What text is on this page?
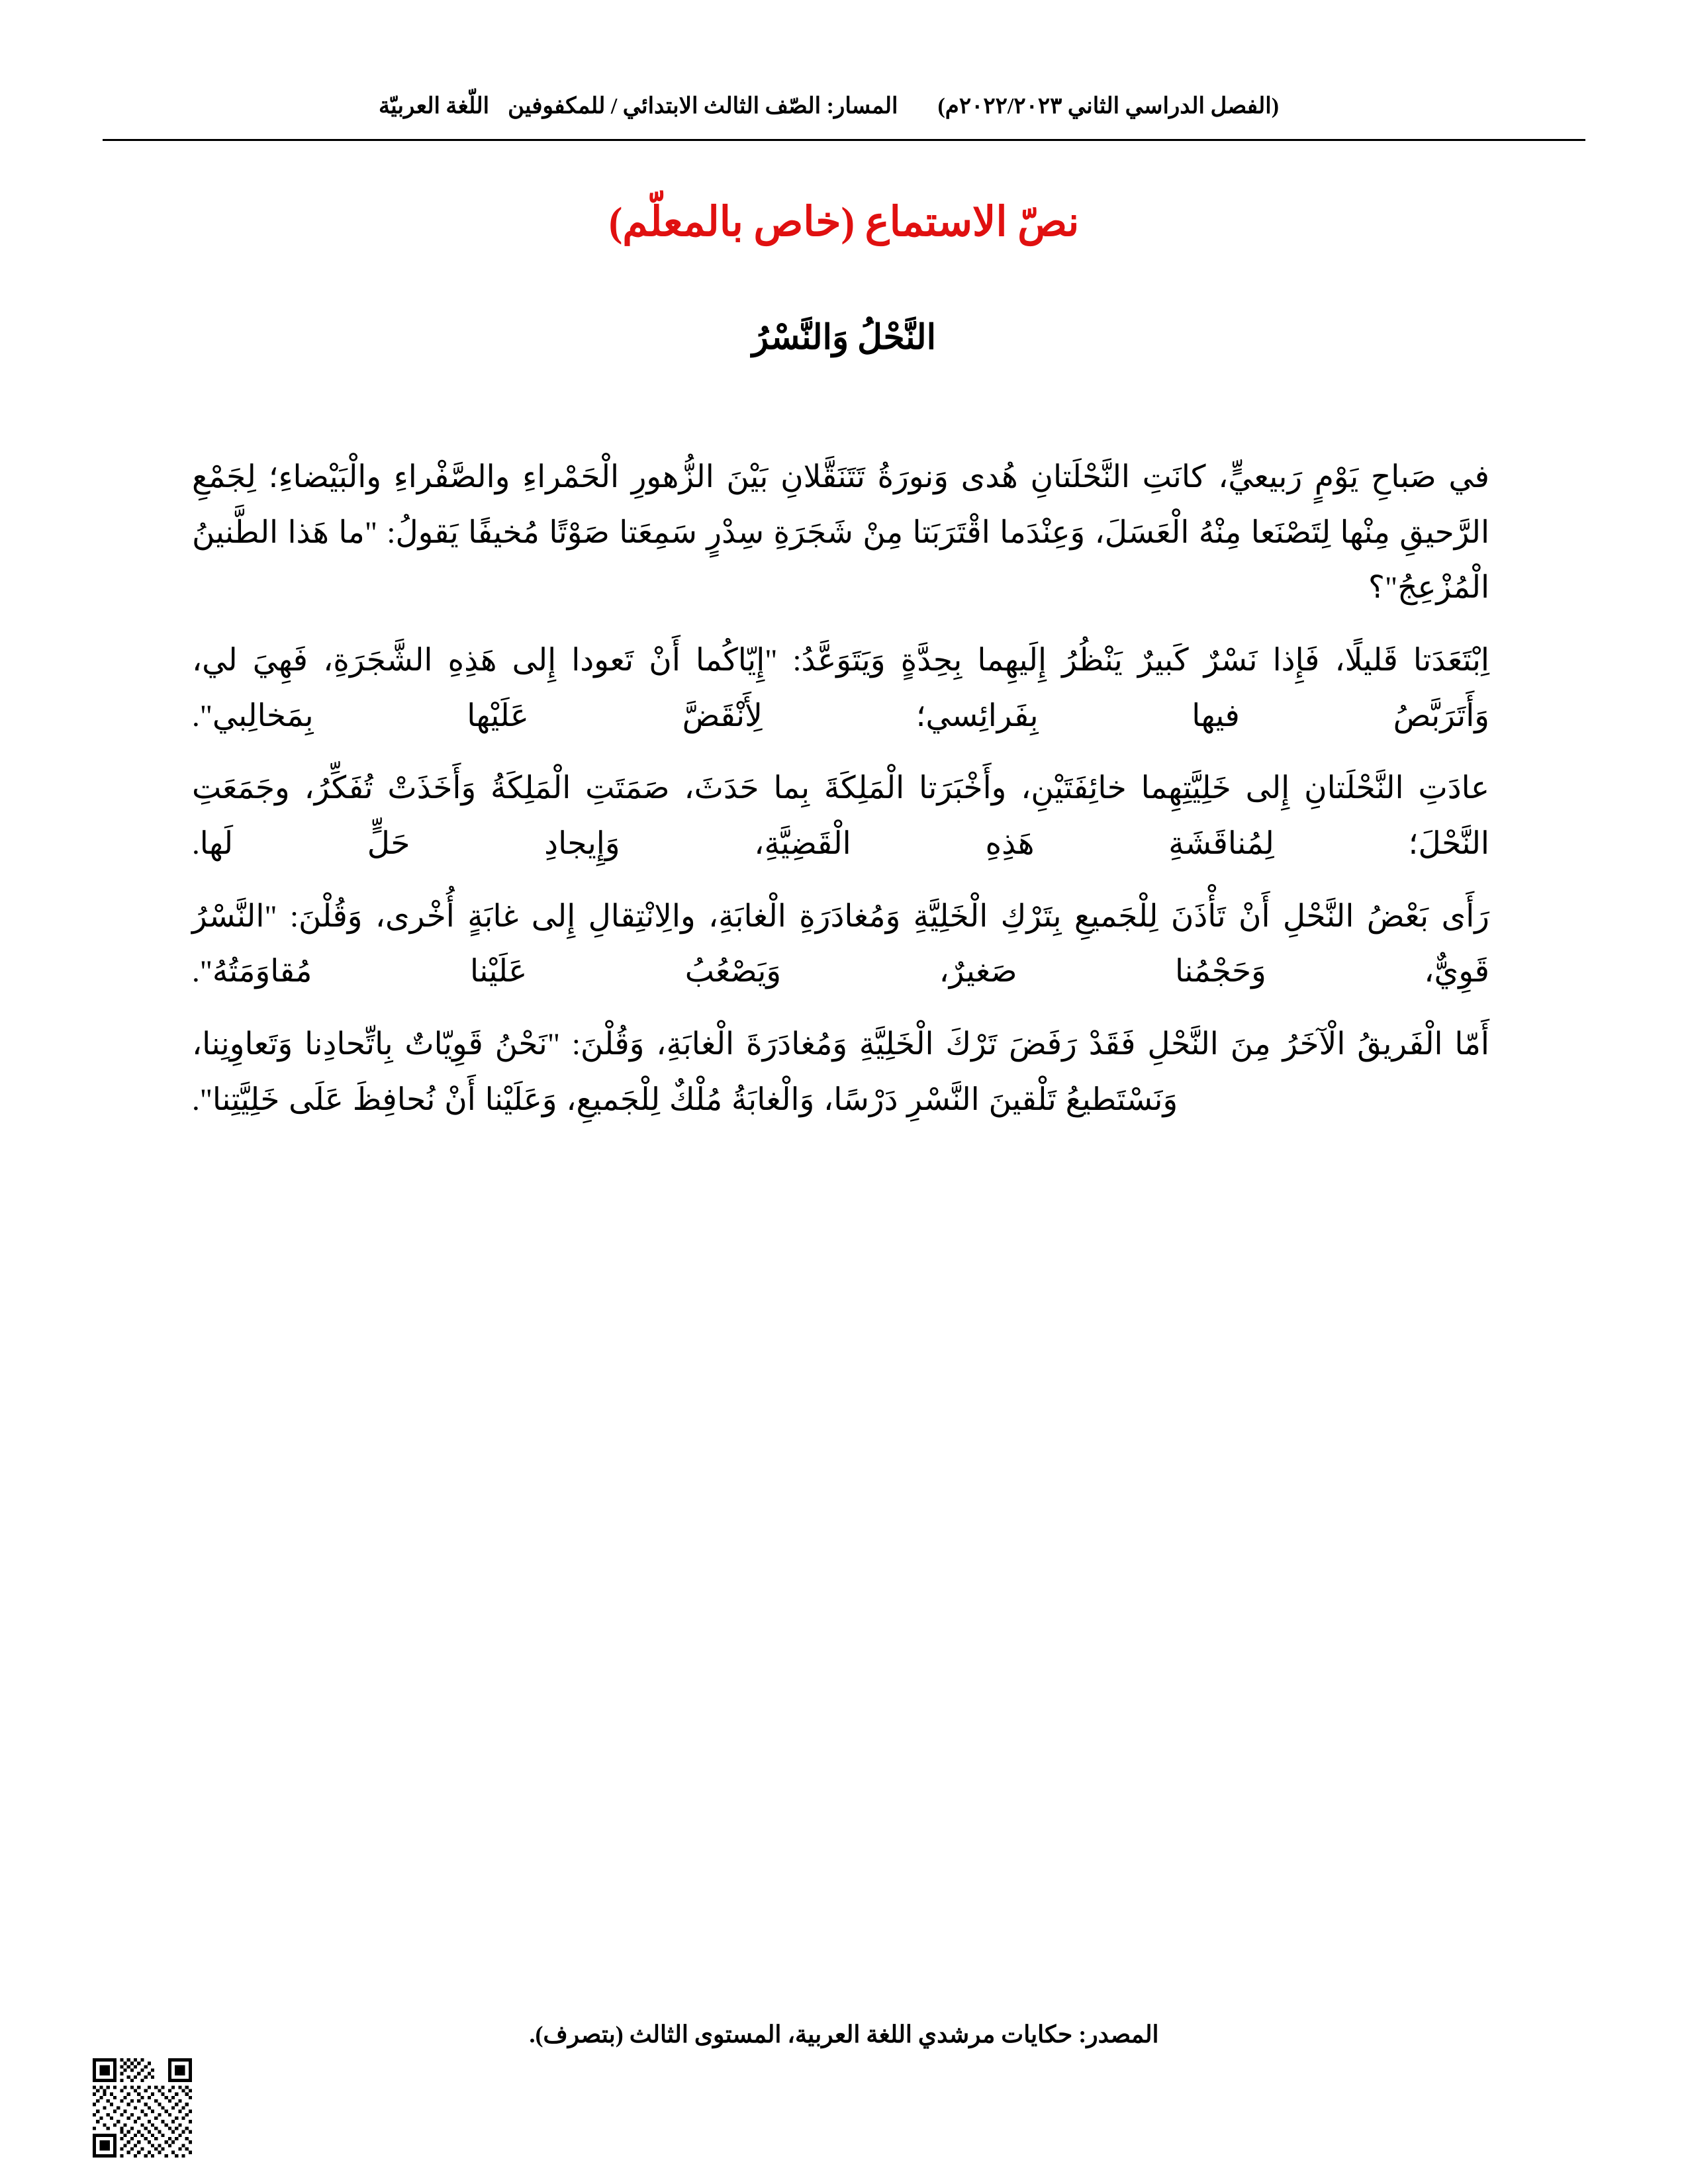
اللّغة العربيّة المسار: الصّف الثالث الابتدائي / للمكفوفين	(الفصل الدراسي الثاني ٢٠٢٢/٢٠٢٣م)
نصّ الاستماع (خاص بالمعلّم)
النَّحْلُ وَالنَّسْرُ

في صَباحِ يَوْمٍ رَبيعيٍّ، كانَتِ النَّحْلَتانِ هُدى وَنورَةُ تَتَنَقَّلانِ بَيْنَ الزُّهورِ الْحَمْراءِ والصَّفْراءِ والْبَيْضاءِ؛ لِجَمْعِ الرَّحيقِ مِنْها لِتَصْنَعا مِنْهُ الْعَسَلَ، وَعِنْدَما اقْتَرَبَتا مِنْ شَجَرَةِ سِدْرٍ سَمِعَتا صَوْتًا مُخيفًا يَقولُ: "ما هَذا الطَّنينُ الْمُزْعِجُ"؟

اِبْتَعَدَتا قَليلًا، فَإِذا نَسْرٌ كَبيرٌ يَنْظُرُ إِلَيهِما بِحِدَّةٍ وَيَتَوَعَّدُ: "إِيّاكُما أَنْ تَعودا إِلى هَذِهِ الشَّجَرَةِ، فَهِيَ لي، وَأَتَرَبَّصُ فيها بِفَرائِسي؛ لِأَنْقَضَّ عَلَيْها بِمَخالِبي".

عادَتِ النَّحْلَتانِ إِلى خَلِيَّتِهِما خائِفَتَيْنِ، وأَخْبَرَتا الْمَلِكَةَ بِما حَدَثَ، صَمَتَتِ الْمَلِكَةُ وَأَخَذَتْ تُفَكِّرُ، وجَمَعَتِ النَّحْلَ؛ لِمُناقَشَةِ هَذِهِ الْقَضِيَّةِ، وَإِيجادِ حَلٍّ لَها.

رَأَى بَعْضُ النَّحْلِ أَنْ تَأْذَنَ لِلْجَميعِ بِتَرْكِ الْخَلِيَّةِ وَمُغادَرَةِ الْغابَةِ، والِانْتِقالِ إِلى غابَةٍ أُخْرى، وَقُلْنَ: "النَّسْرُ قَوِيٌّ، وَحَجْمُنا صَغيرٌ، وَيَصْعُبُ عَلَيْنا مُقاوَمَتُهُ".

أَمّا الْفَريقُ الْآخَرُ مِنَ النَّحْلِ فَقَدْ رَفَضَ تَرْكَ الْخَلِيَّةِ وَمُغادَرَةَ الْغابَةِ، وَقُلْنَ: "نَحْنُ قَوِيّاتٌ بِاتِّحادِنا وَتَعاوِنِنا، وَنَسْتَطيعُ تَلْقينَ النَّسْرِ دَرْسًا، وَالْغابَةُ مُلْكٌ لِلْجَميعِ، وَعَلَيْنا أَنْ نُحافِظَ عَلَى خَلِيَّتِنا".

المصدر: حكايات مرشدي اللغة العربية، المستوى الثالث (بتصرف).
